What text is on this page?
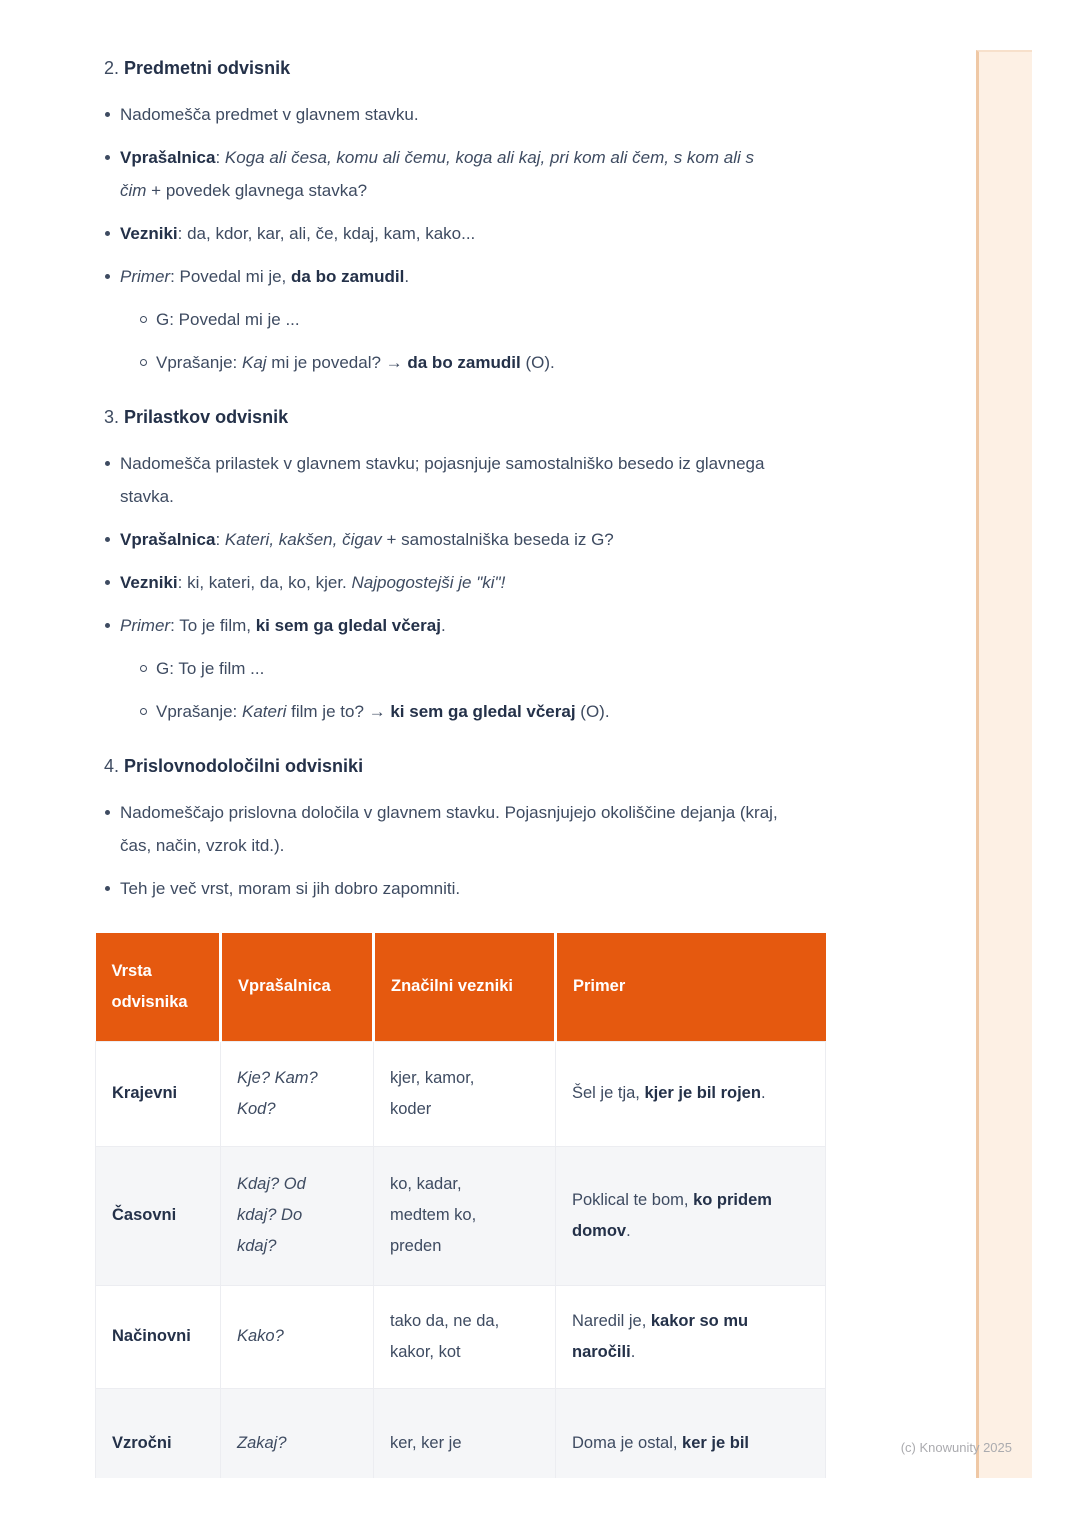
2. Predmetni odvisnik
Nadomešča predmet v glavnem stavku.
Vprašalnica: Koga ali česa, komu ali čemu, koga ali kaj, pri kom ali čem, s kom ali s čim + povedek glavnega stavka?
Vezniki: da, kdor, kar, ali, če, kdaj, kam, kako...
Primer: Povedal mi je, da bo zamudil.
G: Povedal mi je ...
Vprašanje: Kaj mi je povedal? → da bo zamudil (O).
3. Prilastkov odvisnik
Nadomešča prilastek v glavnem stavku; pojasnjuje samostalniško besedo iz glavnega stavka.
Vprašalnica: Kateri, kakšen, čigav + samostalniška beseda iz G?
Vezniki: ki, kateri, da, ko, kjer. Najpogostejši je "ki"!
Primer: To je film, ki sem ga gledal včeraj.
G: To je film ...
Vprašanje: Kateri film je to? → ki sem ga gledal včeraj (O).
4. Prislovnodoločilni odvisniki
Nadomeščajo prislovna določila v glavnem stavku. Pojasnjujejo okoliščine dejanja (kraj, čas, način, vzrok itd.).
Teh je več vrst, moram si jih dobro zapomniti.
Vrsta odvisnika	Vprašalnica	Značilni vezniki	Primer
Krajevni	Kje? Kam? Kod?	kjer, kamor, koder	Šel je tja, kjer je bil rojen.
Časovni	Kdaj? Od kdaj? Do kdaj?	ko, kadar, medtem ko, preden	Poklical te bom, ko pridem domov.
Načinovni	Kako?	tako da, ne da, kakor, kot	Naredil je, kakor so mu naročili.
Vzročni	Zakaj?	ker, ker je	Doma je ostal, ker je bil	(c) Knowunity 2025
